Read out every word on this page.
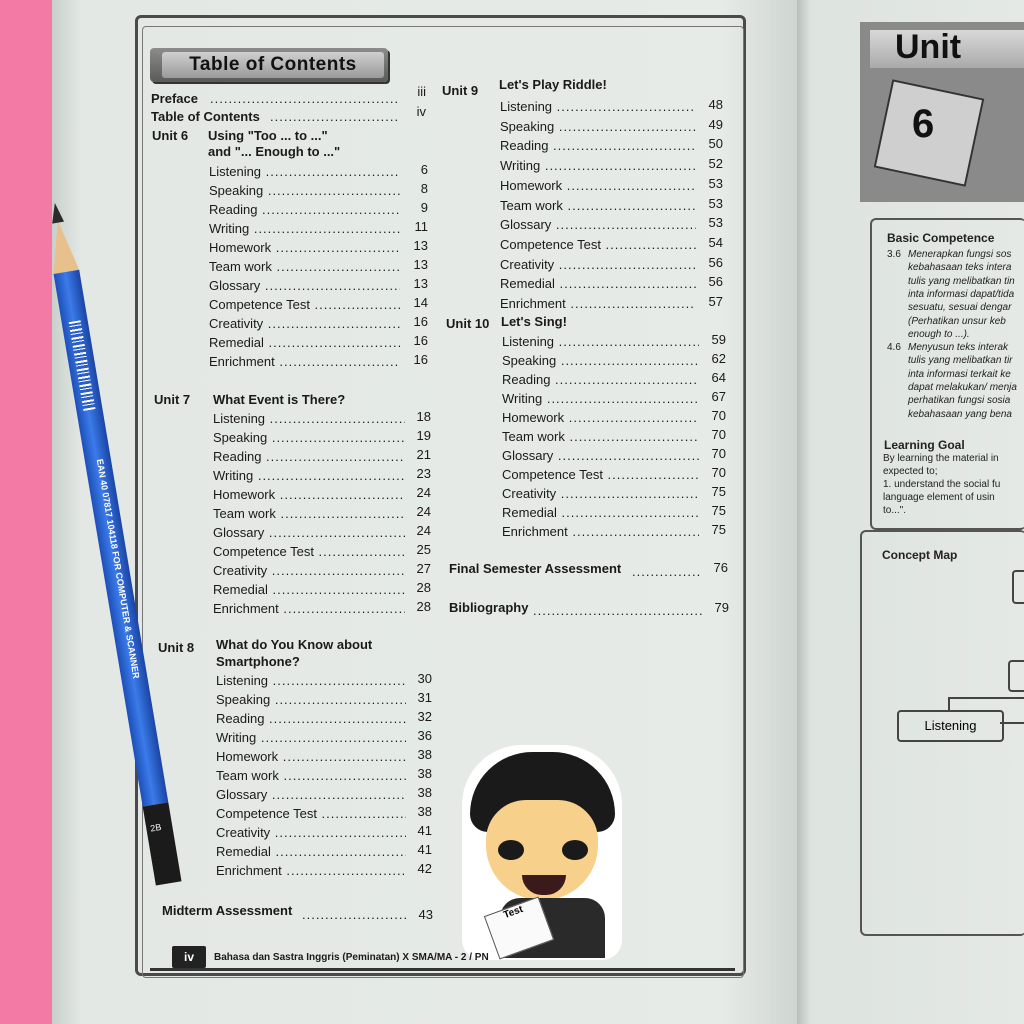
Table of Contents
Preface .....	iii
Table of Contents .....	iv
Unit 6 Using "Too ... to ..."
and "... Enough to ..."
Listening .....	6
Speaking .....	8
Reading .....	9
Writing .....	11
Homework .....	13
Team work .....	13
Glossary .....	13
Competence Test .....	14
Creativity .....	16
Remedial .....	16
Enrichment .....	16
Unit 7 What Event is There?
Listening .....	18
Speaking .....	19
Reading .....	21
Writing .....	23
Homework .....	24
Team work .....	24
Glossary .....	24
Competence Test .....	25
Creativity .....	27
Remedial .....	28
Enrichment .....	28
Unit 8 What do You Know about
Smartphone?
Listening .....	30
Speaking .....	31
Reading .....	32
Writing .....	36
Homework .....	38
Team work .....	38
Glossary .....	38
Competence Test .....	38
Creativity .....	41
Remedial .....	41
Enrichment .....	42
Midterm Assessment .....	43
Unit 9 Let's Play Riddle!
Listening .....	48
Speaking .....	49
Reading .....	50
Writing .....	52
Homework .....	53
Team work .....	53
Glossary .....	53
Competence Test .....	54
Creativity .....	56
Remedial .....	56
Enrichment .....	57
Unit 10 Let's Sing!
Listening .....	59
Speaking .....	62
Reading .....	64
Writing .....	67
Homework .....	70
Team work .....	70
Glossary .....	70
Competence Test .....	70
Creativity .....	75
Remedial .....	75
Enrichment .....	75
Final Semester Assessment .....	76
Bibliography .....	79
Test
iv	Bahasa dan Sastra Inggris (Peminatan) X SMA/MA - 2 / PN
EAN 40 07817 104118 FOR COMPUTER & SCANNER
2B
Unit
6
Basic Competence
3.6 Menerapkan fungsi sos
kebahasaan teks intera
tulis yang melibatkan tin
inta informasi dapat/tida
sesuatu, sesuai dengar
(Perhatikan unsur keb
enough to ...).
4.6 Menyusun teks interak
tulis yang melibatkan tir
inta informasi terkait ke
dapat melakukan/ menja
perhatikan fungsi sosia
kebahasaan yang bena
Learning Goal
By learning the material in
expected to;
1. understand the social fu
language element of usin
to...".
Concept Map
Listening
